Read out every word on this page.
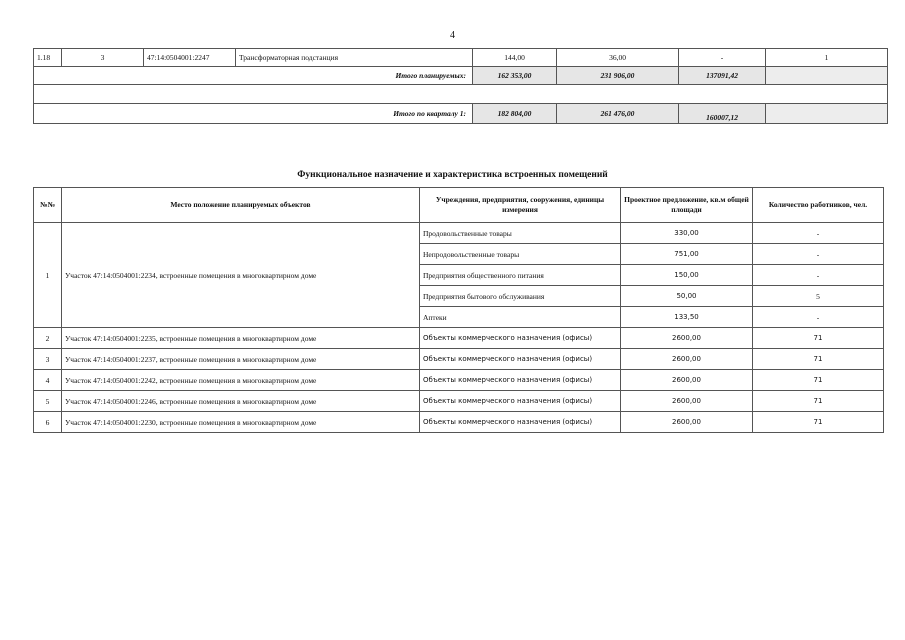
4
1.18	3	47:14:0504001:2247	Трансформаторная подстанция	144,00	36,00	-	1
Итого планируемых:				162 353,00	231 906,00	137091,42	

Итого по кварталу 1:				182 804,00	261 476,00	160007,12	
Функциональное назначение и характеристика встроенных помещений
№№	Место положение планируемых объектов	Учреждения, предприятия, сооружения, единицы измерения	Проектное предложение, кв.м общей площади	Количество работников, чел.
1	Участок 47:14:0504001:2234, встроенные помещения в многоквартирном доме	Продовольственные товары	330,00	-
		Непродовольственные товары	751,00	-
		Предприятия общественного питания	150,00	-
		Предприятия бытового обслуживания	50,00	5
		Аптеки	133,50	-
2	Участок 47:14:0504001:2235, встроенные помещения в многоквартирном доме	Объекты коммерческого назначения (офисы)	2600,00	71
3	Участок 47:14:0504001:2237, встроенные помещения в многоквартирном доме	Объекты коммерческого назначения (офисы)	2600,00	71
4	Участок 47:14:0504001:2242, встроенные помещения в многоквартирном доме	Объекты коммерческого назначения (офисы)	2600,00	71
5	Участок 47:14:0504001:2246, встроенные помещения в многоквартирном доме	Объекты коммерческого назначения (офисы)	2600,00	71
6	Участок 47:14:0504001:2230, встроенные помещения в многоквартирном доме	Объекты коммерческого назначения (офисы)	2600,00	71
